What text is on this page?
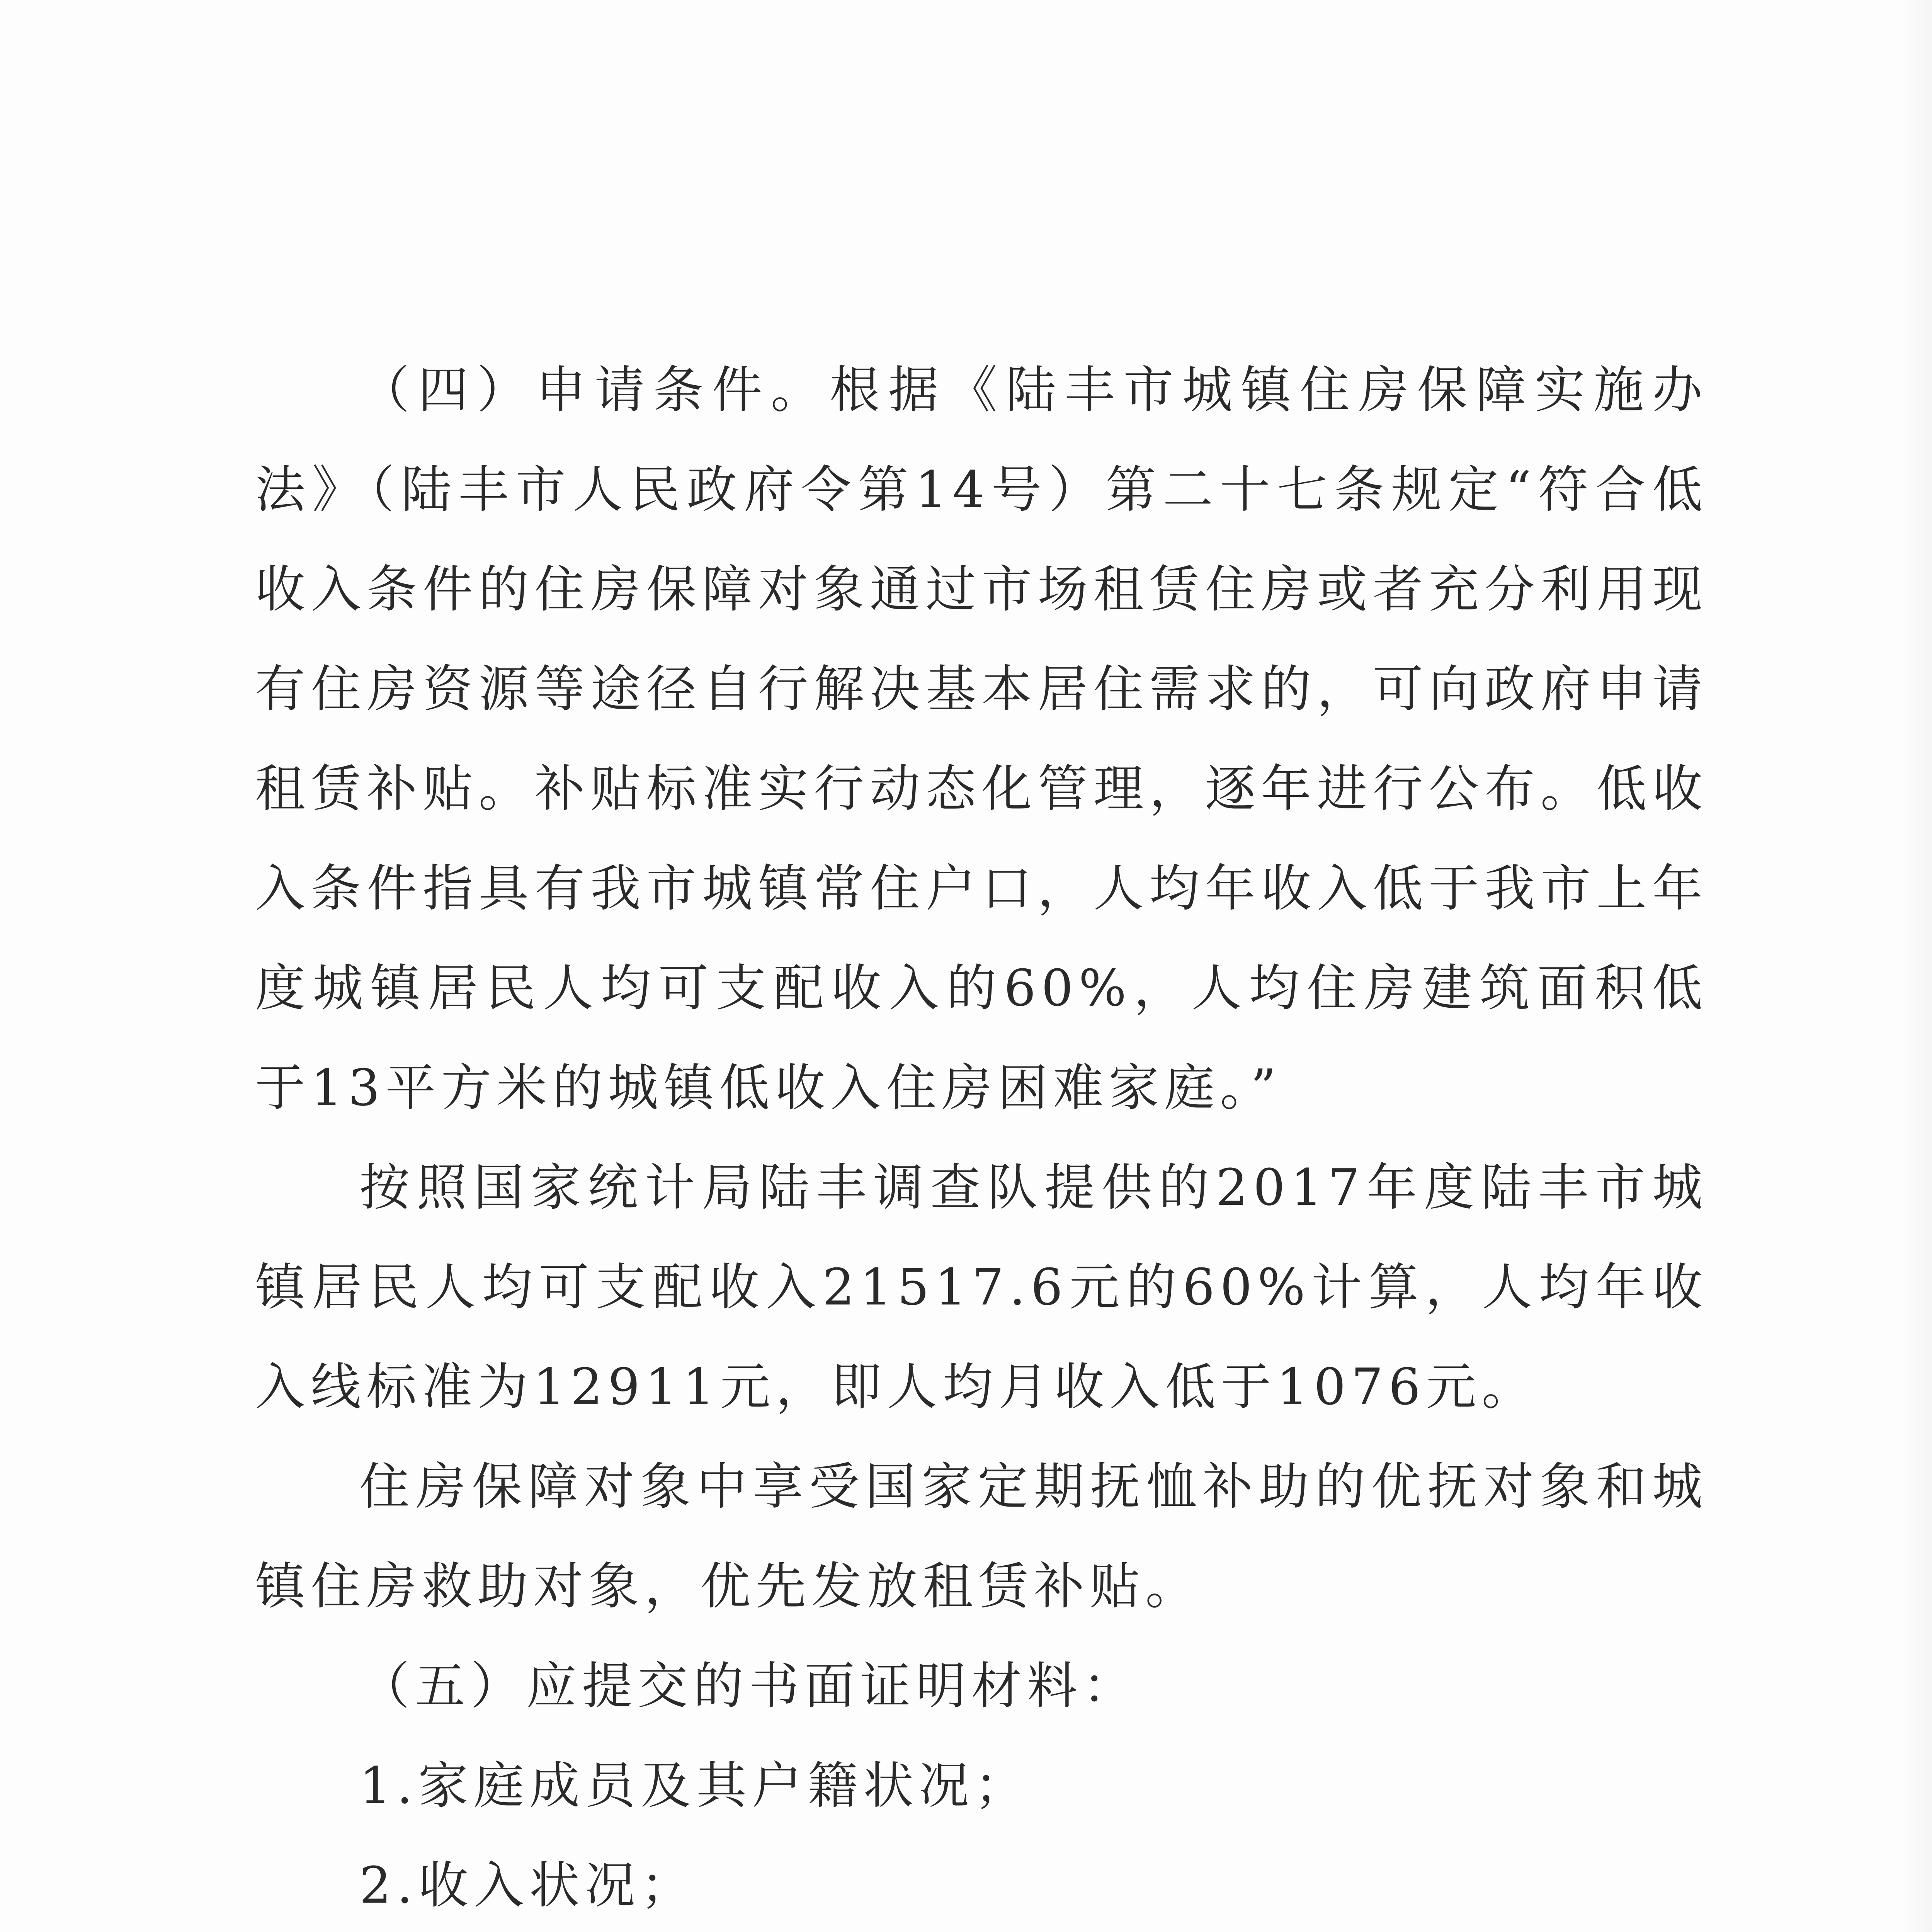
（四）申请条件。根据《陆丰市城镇住房保障实施办法》（陆丰市人民政府令第14号）第二十七条规定“符合低收入条件的住房保障对象通过市场租赁住房或者充分利用现有住房资源等途径自行解决基本居住需求的，可向政府申请租赁补贴。补贴标准实行动态化管理，逐年进行公布。低收入条件指具有我市城镇常住户口，人均年收入低于我市上年度城镇居民人均可支配收入的60%，人均住房建筑面积低于13平方米的城镇低收入住房困难家庭。”

按照国家统计局陆丰调查队提供的2017年度陆丰市城镇居民人均可支配收入21517.6元的60%计算，人均年收入线标准为12911元，即人均月收入低于1076元。

住房保障对象中享受国家定期抚恤补助的优抚对象和城镇住房救助对象，优先发放租赁补贴。

（五）应提交的书面证明材料：

1.家庭成员及其户籍状况；

2.收入状况；
